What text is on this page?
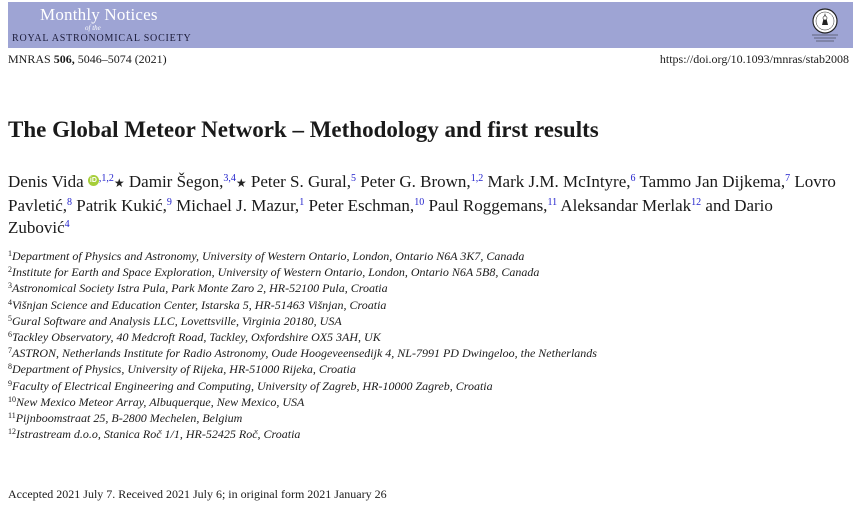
Monthly Notices
of the
ROYAL ASTRONOMICAL SOCIETY
MNRAS 506, 5046–5074 (2021)	https://doi.org/10.1093/mnras/stab2008
The Global Meteor Network – Methodology and first results
Denis Vida iD $^{,1,2}$★ Damir Šegon,$^{3,4}$★ Peter S. Gural,$^5$ Peter G. Brown,$^{1,2}$ Mark J.M. McIntyre,$^6$ Tammo Jan Dijkema,$^7$ Lovro Pavletić,$^8$ Patrik Kukić,$^9$ Michael J. Mazur,$^1$ Peter Eschman,$^{10}$ Paul Roggemans,$^{11}$ Aleksandar Merlak$^{12}$ and Dario Zubović$^4$
$^1$Department of Physics and Astronomy, University of Western Ontario, London, Ontario N6A 3K7, Canada
$^2$Institute for Earth and Space Exploration, University of Western Ontario, London, Ontario N6A 5B8, Canada
$^3$Astronomical Society Istra Pula, Park Monte Zaro 2, HR-52100 Pula, Croatia
$^4$Višnjan Science and Education Center, Istarska 5, HR-51463 Višnjan, Croatia
$^5$Gural Software and Analysis LLC, Lovettsville, Virginia 20180, USA
$^6$Tackley Observatory, 40 Medcroft Road, Tackley, Oxfordshire OX5 3AH, UK
$^7$ASTRON, Netherlands Institute for Radio Astronomy, Oude Hoogeveensedijk 4, NL-7991 PD Dwingeloo, the Netherlands
$^8$Department of Physics, University of Rijeka, HR-51000 Rijeka, Croatia
$^9$Faculty of Electrical Engineering and Computing, University of Zagreb, HR-10000 Zagreb, Croatia
$^{10}$New Mexico Meteor Array, Albuquerque, New Mexico, USA
$^{11}$Pijnboomstraat 25, B-2800 Mechelen, Belgium
$^{12}$Istrastream d.o.o, Stanica Roč 1/1, HR-52425 Roč, Croatia
Accepted 2021 July 7. Received 2021 July 6; in original form 2021 January 26
